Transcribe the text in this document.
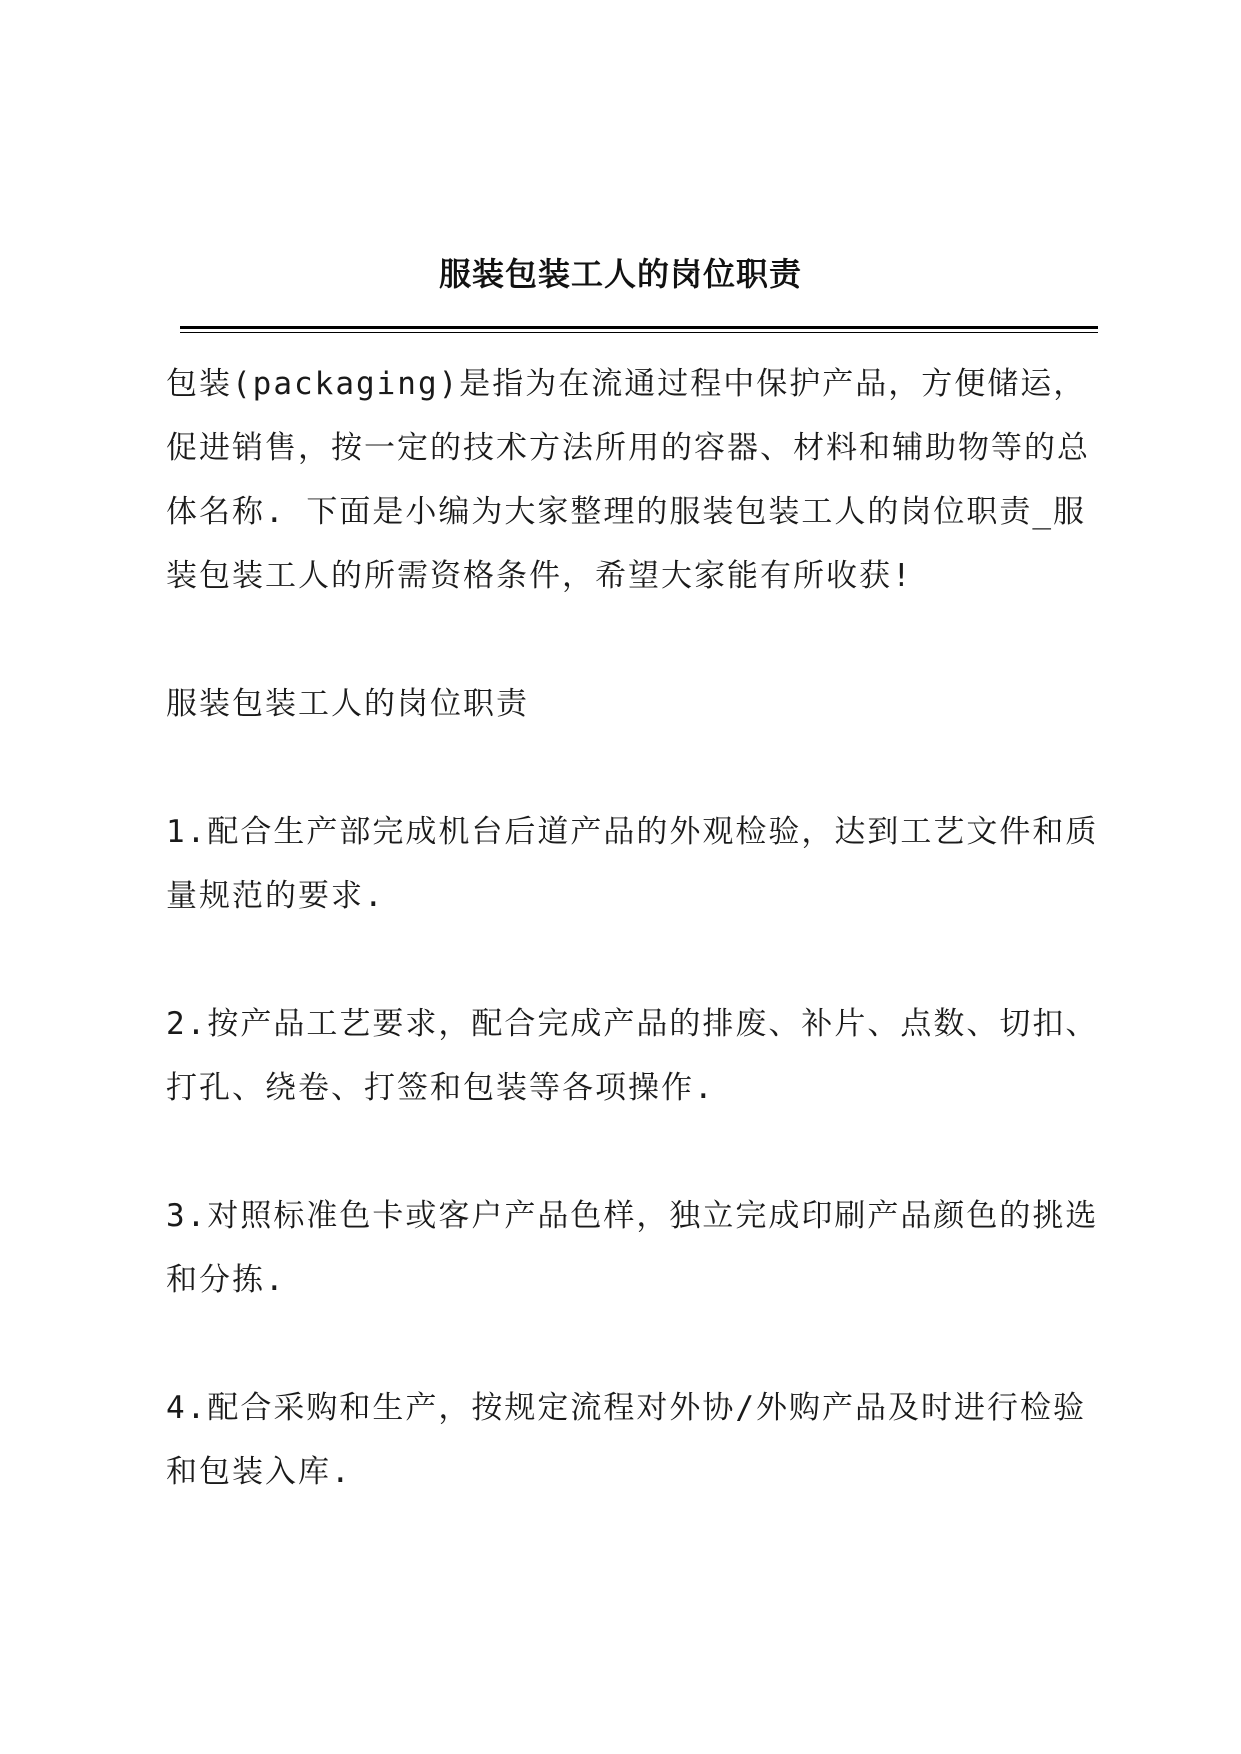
服装包装工人的岗位职责

包装(packaging)是指为在流通过程中保护产品，方便储运，促进销售，按一定的技术方法所用的容器、材料和辅助物等的总体名称. 下面是小编为大家整理的服装包装工人的岗位职责_服装包装工人的所需资格条件，希望大家能有所收获!

服装包装工人的岗位职责

1.配合生产部完成机台后道产品的外观检验，达到工艺文件和质量规范的要求.

2.按产品工艺要求，配合完成产品的排废、补片、点数、切扣、打孔、绕卷、打签和包装等各项操作.

3.对照标准色卡或客户产品色样，独立完成印刷产品颜色的挑选和分拣.

4.配合采购和生产，按规定流程对外协/外购产品及时进行检验和包装入库.
